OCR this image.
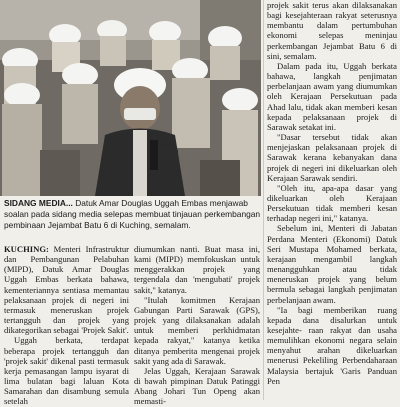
SIDANG MEDIA... Datuk Amar Douglas Uggah Embas menjawab soalan pada sidang media selepas membuat tinjauan perkembangan pembinaan Jejambat Batu 6 di Kuching, semalam.

KUCHING: Menteri Infrastruktur dan Pembangunan Pelabuhan (MIPD), Datuk Amar Douglas Uggah Embas berkata bahawa, kementeriannya sentiasa memantau pelaksanaan projek di negeri ini termasuk meneruskan projek tertangguh dan projek yang dikategorikan sebagai 'Projek Sakit'.

Uggah berkata, terdapat beberapa projek tertangguh dan 'projek sakit' dikenal pasti termasuk kerja pemasangan lampu isyarat di lima bulatan bagi laluan Kota Samarahan dan disambung semula setelah

diumumkan nanti. Buat masa ini, kami (MIPD) memfokuskan untuk menggerakkan projek yang tergendala dan 'mengubati' projek sakit," katanya.

"Itulah komitmen Kerajaan Gabungan Parti Sarawak (GPS), projek yang dilaksanakan adalah untuk memberi perkhidmatan kepada rakyat," katanya ketika ditanya pemberita mengenai projek sakit yang ada di Sarawak.

Jelas Uggah, Kerajaan Sarawak di bawah pimpinan Datuk Patinggi Abang Johari Tun Openg akan memasti-

projek sakit terus akan dilaksanakan bagi kesejahteraan rakyat seterusnya membantu dalam pertumbuhan ekonomi selepas meninjau perkembangan Jejambat Batu 6 di sini, semalam.

Dalam pada itu, Uggah berkata bahawa, langkah penjimatan perbelanjaan awam yang diumumkan oleh Kerajaan Persekutuan pada Ahad lalu, tidak akan memberi kesan kepada pelaksanaan projek di Sarawak setakat ini.

"Dasar tersebut tidak akan menjejaskan pelaksanaan projek di Sarawak kerana kebanyakan dana projek di negeri ini dikeluarkan oleh Kerajaan Sarawak sendiri.

"Oleh itu, apa-apa dasar yang dikeluarkan oleh Kerajaan Persekutuan tidak memberi kesan terhadap negeri ini," katanya.

Sebelum ini, Menteri di Jabatan Perdana Menteri (Ekonomi) Datuk Seri Mustapa Mohamed berkata, kerajaan mengambil langkah menangguhkan atau tidak meneruskan projek yang belum bermula sebagai langkah penjimatan perbelanjaan awam.

"Ia bagi memberikan ruang kepada dana disalurkan untuk kesejahte- raan rakyat dan usaha memulihkan ekonomi negara selain menyahut arahan dikeluarkan menerusi Pekeliling Perbendaharaan Malaysia bertajuk 'Garis Panduan Pen
